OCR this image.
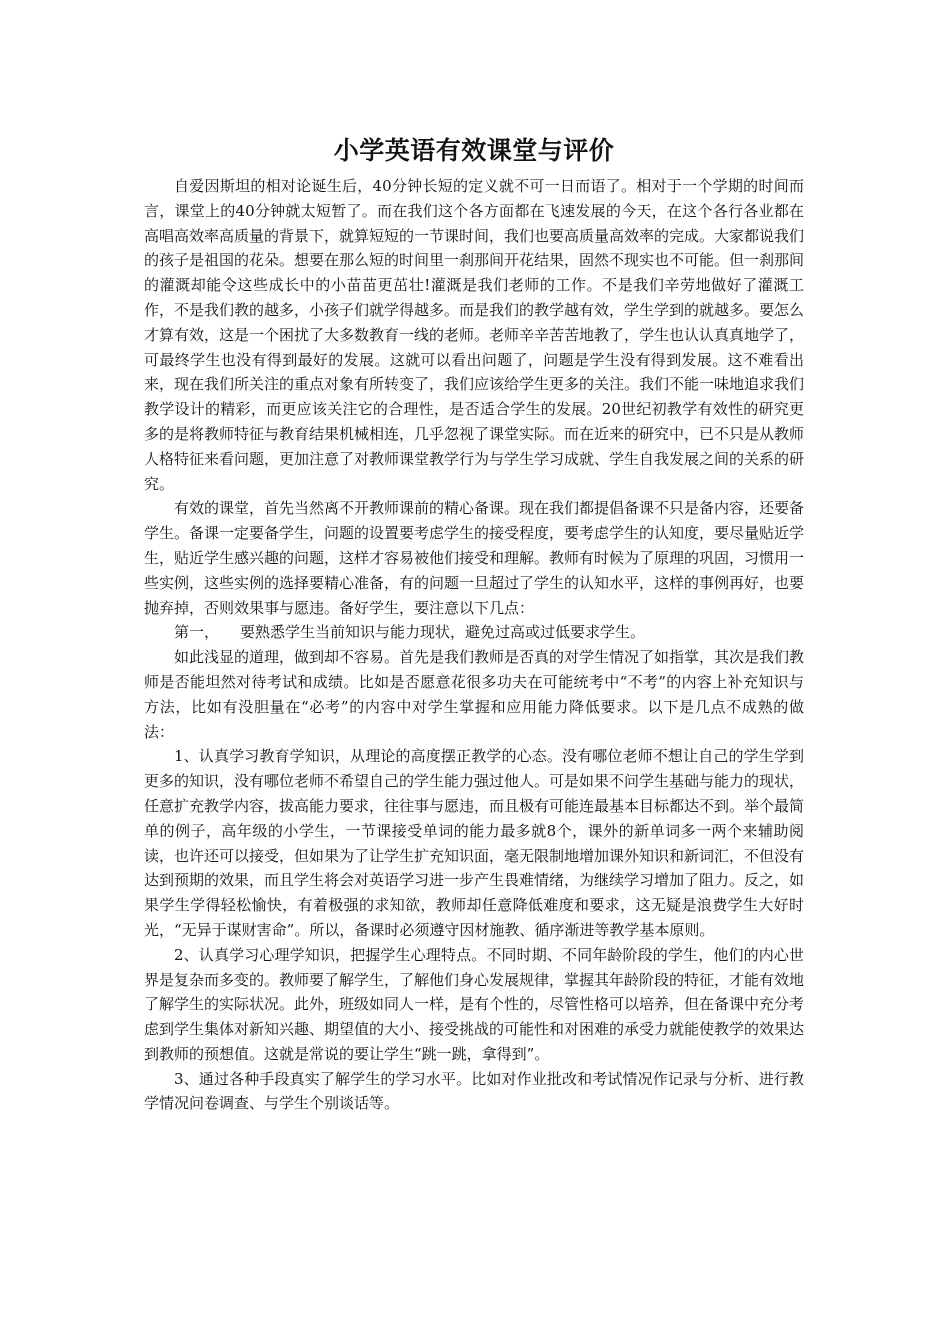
小学英语有效课堂与评价

自爱因斯坦的相对论诞生后，40分钟长短的定义就不可一日而语了。相对于一个学期的时间而言，课堂上的40分钟就太短暂了。而在我们这个各方面都在飞速发展的今天，在这个各行各业都在高唱高效率高质量的背景下，就算短短的一节课时间，我们也要高质量高效率的完成。大家都说我们的孩子是祖国的花朵。想要在那么短的时间里一刹那间开花结果，固然不现实也不可能。但一刹那间的灌溉却能令这些成长中的小苗苗更茁壮!灌溉是我们老师的工作。不是我们辛劳地做好了灌溉工作，不是我们教的越多，小孩子们就学得越多。而是我们的教学越有效，学生学到的就越多。要怎么才算有效，这是一个困扰了大多数教育一线的老师。老师辛辛苦苦地教了，学生也认认真真地学了，可最终学生也没有得到最好的发展。这就可以看出问题了，问题是学生没有得到发展。这不难看出来，现在我们所关注的重点对象有所转变了，我们应该给学生更多的关注。我们不能一味地追求我们教学设计的精彩，而更应该关注它的合理性，是否适合学生的发展。20世纪初教学有效性的研究更多的是将教师特征与教育结果机械相连，几乎忽视了课堂实际。而在近来的研究中，已不只是从教师人格特征来看问题，更加注意了对教师课堂教学行为与学生学习成就、学生自我发展之间的关系的研究。

有效的课堂，首先当然离不开教师课前的精心备课。现在我们都提倡备课不只是备内容，还要备学生。备课一定要备学生，问题的设置要考虑学生的接受程度，要考虑学生的认知度，要尽量贴近学生，贴近学生感兴趣的问题，这样才容易被他们接受和理解。教师有时候为了原理的巩固，习惯用一些实例，这些实例的选择要精心准备，有的问题一旦超过了学生的认知水平，这样的事例再好，也要抛弃掉，否则效果事与愿违。备好学生，要注意以下几点：

第一， 要熟悉学生当前知识与能力现状，避免过高或过低要求学生。

如此浅显的道理，做到却不容易。首先是我们教师是否真的对学生情况了如指掌，其次是我们教师是否能坦然对待考试和成绩。比如是否愿意花很多功夫在可能统考中“不考”的内容上补充知识与方法，比如有没胆量在“必考”的内容中对学生掌握和应用能力降低要求。以下是几点不成熟的做法：

1、认真学习教育学知识，从理论的高度摆正教学的心态。没有哪位老师不想让自己的学生学到更多的知识，没有哪位老师不希望自己的学生能力强过他人。可是如果不问学生基础与能力的现状，任意扩充教学内容，拔高能力要求，往往事与愿违，而且极有可能连最基本目标都达不到。举个最简单的例子，高年级的小学生，一节课接受单词的能力最多就8个，课外的新单词多一两个来辅助阅读，也许还可以接受，但如果为了让学生扩充知识面，毫无限制地增加课外知识和新词汇，不但没有达到预期的效果，而且学生将会对英语学习进一步产生畏难情绪，为继续学习增加了阻力。反之，如果学生学得轻松愉快，有着极强的求知欲，教师却任意降低难度和要求，这无疑是浪费学生大好时光，“无异于谋财害命”。所以，备课时必须遵守因材施教、循序渐进等教学基本原则。

2、认真学习心理学知识，把握学生心理特点。不同时期、不同年龄阶段的学生，他们的内心世界是复杂而多变的。教师要了解学生，了解他们身心发展规律，掌握其年龄阶段的特征，才能有效地了解学生的实际状况。此外，班级如同人一样，是有个性的，尽管性格可以培养，但在备课中充分考虑到学生集体对新知兴趣、期望值的大小、接受挑战的可能性和对困难的承受力就能使教学的效果达到教师的预想值。这就是常说的要让学生“跳一跳，拿得到”。

3、通过各种手段真实了解学生的学习水平。比如对作业批改和考试情况作记录与分析、进行教学情况问卷调查、与学生个别谈话等。
